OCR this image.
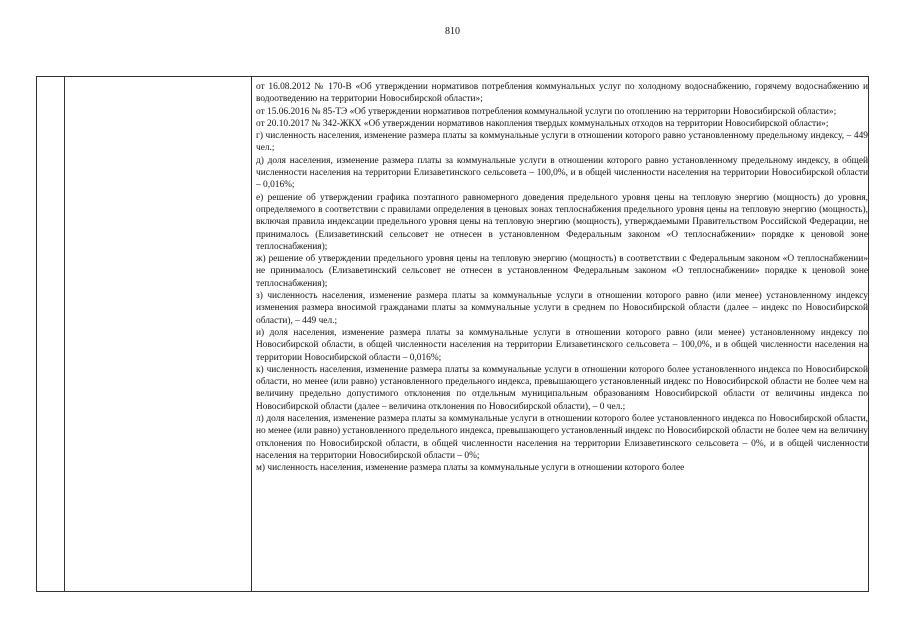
810

от 16.08.2012 № 170-В «Об утверждении нормативов потребления коммунальных услуг по холодному водоснабжению, горячему водоснабжению и водоотведению на территории Новосибирской области»;

от 15.06.2016 № 85-ТЭ «Об утверждении нормативов потребления коммунальной услуги по отоплению на территории Новосибирской области»;

от 20.10.2017 № 342-ЖКХ «Об утверждении нормативов накопления твердых коммунальных отходов на территории Новосибирской области»;

г) численность населения, изменение размера платы за коммунальные услуги в отношении которого равно установленному предельному индексу, – 449 чел.;

д) доля населения, изменение размера платы за коммунальные услуги в отношении которого равно установленному предельному индексу, в общей численности населения на территории Елизаветинского сельсовета – 100,0%, и в общей численности населения на территории Новосибирской области – 0,016%;

е) решение об утверждении графика поэтапного равномерного доведения предельного уровня цены на тепловую энергию (мощность) до уровня, определяемого в соответствии с правилами определения в ценовых зонах теплоснабжения предельного уровня цены на тепловую энергию (мощность), включая правила индексации предельного уровня цены на тепловую энергию (мощность), утверждаемыми Правительством Российской Федерации, не принималось (Елизаветинский сельсовет не отнесен в установленном Федеральным законом «О теплоснабжении» порядке к ценовой зоне теплоснабжения);

ж) решение об утверждении предельного уровня цены на тепловую энергию (мощность) в соответствии с Федеральным законом «О теплоснабжении» не принималось (Елизаветинский сельсовет не отнесен в установленном Федеральным законом «О теплоснабжении» порядке к ценовой зоне теплоснабжения);

з) численность населения, изменение размера платы за коммунальные услуги в отношении которого равно (или менее) установленному индексу изменения размера вносимой гражданами платы за коммунальные услуги в среднем по Новосибирской области (далее – индекс по Новосибирской области), – 449 чел.;

и) доля населения, изменение размера платы за коммунальные услуги в отношении которого равно (или менее) установленному индексу по Новосибирской области, в общей численности населения на территории Елизаветинского сельсовета – 100,0%, и в общей численности населения на территории Новосибирской области – 0,016%;

к) численность населения, изменение размера платы за коммунальные услуги в отношении которого более установленного индекса по Новосибирской области, но менее (или равно) установленного предельного индекса, превышающего установленный индекс по Новосибирской области не более чем на величину предельно допустимого отклонения по отдельным муниципальным образованиям Новосибирской области от величины индекса по Новосибирской области (далее – величина отклонения по Новосибирской области), – 0 чел.;

л) доля населения, изменение размера платы за коммунальные услуги в отношении которого более установленного индекса по Новосибирской области, но менее (или равно) установленного предельного индекса, превышающего установленный индекс по Новосибирской области не более чем на величину отклонения по Новосибирской области, в общей численности населения на территории Елизаветинского сельсовета – 0%, и в общей численности населения на территории Новосибирской области – 0%;

м) численность населения, изменение размера платы за коммунальные услуги в отношении которого более
